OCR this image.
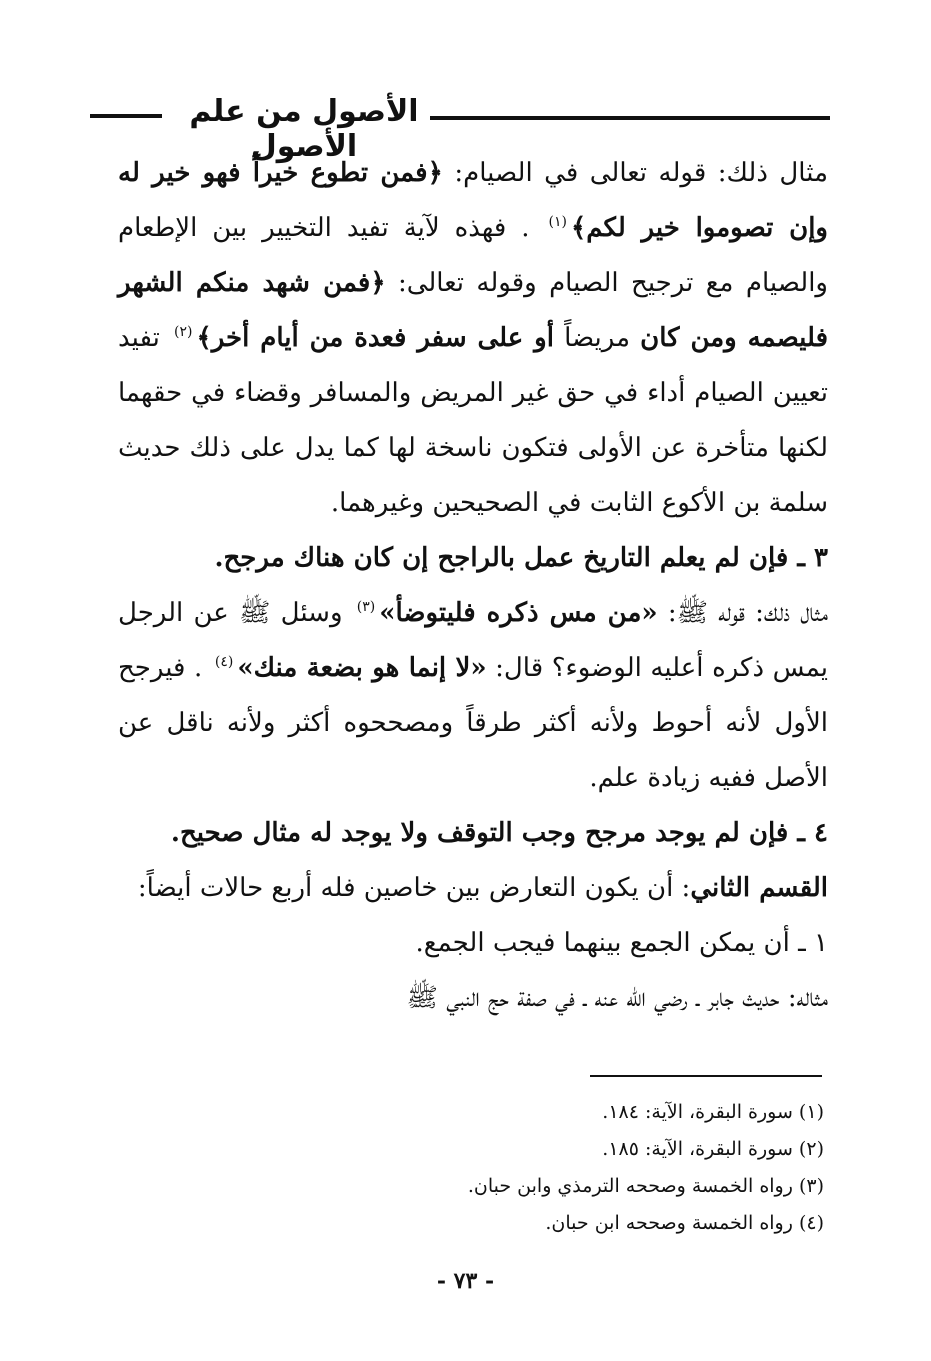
الأصول من علم الأصول

مثال ذلك: قوله تعالى في الصيام: ﴿فمن تطوع خيراً فهو خير له وإن تصوموا خير لكم﴾$^{(١)}$ . فهذه لآية تفيد التخيير بين الإطعام والصيام مع ترجيح الصيام وقوله تعالى: ﴿فمن شهد منكم الشهر فليصمه ومن كان مريضاً أو على سفر فعدة من أيام أخر﴾$^{(٢)}$ تفيد تعيين الصيام أداء في حق غير المريض والمسافر وقضاء في حقهما لكنها متأخرة عن الأولى فتكون ناسخة لها كما يدل على ذلك حديث سلمة بن الأكوع الثابت في الصحيحين وغيرهما.

٣ ـ فإن لم يعلم التاريخ عمل بالراجح إن كان هناك مرجح.

مثال ذلك: قوله ﷺ: «من مس ذكره فليتوضأ»$^{(٣)}$ وسئل ﷺ عن الرجل يمس ذكره أعليه الوضوء؟ قال: «لا إنما هو بضعة منك»$^{(٤)}$ . فيرجح الأول لأنه أحوط ولأنه أكثر طرقاً ومصححوه أكثر ولأنه ناقل عن الأصل ففيه زيادة علم.

٤ ـ فإن لم يوجد مرجح وجب التوقف ولا يوجد له مثال صحيح.

القسم الثاني: أن يكون التعارض بين خاصين فله أربع حالات أيضاً:

١ ـ أن يمكن الجمع بينهما فيجب الجمع.

مثاله: حديث جابر ـ رضي الله عنه ـ في صفة حج النبي ﷺ

(١) سورة البقرة، الآية: ١٨٤.
(٢) سورة البقرة، الآية: ١٨٥.
(٣) رواه الخمسة وصححه الترمذي وابن حبان.
(٤) رواه الخمسة وصححه ابن حبان.
- ٧٣ -
